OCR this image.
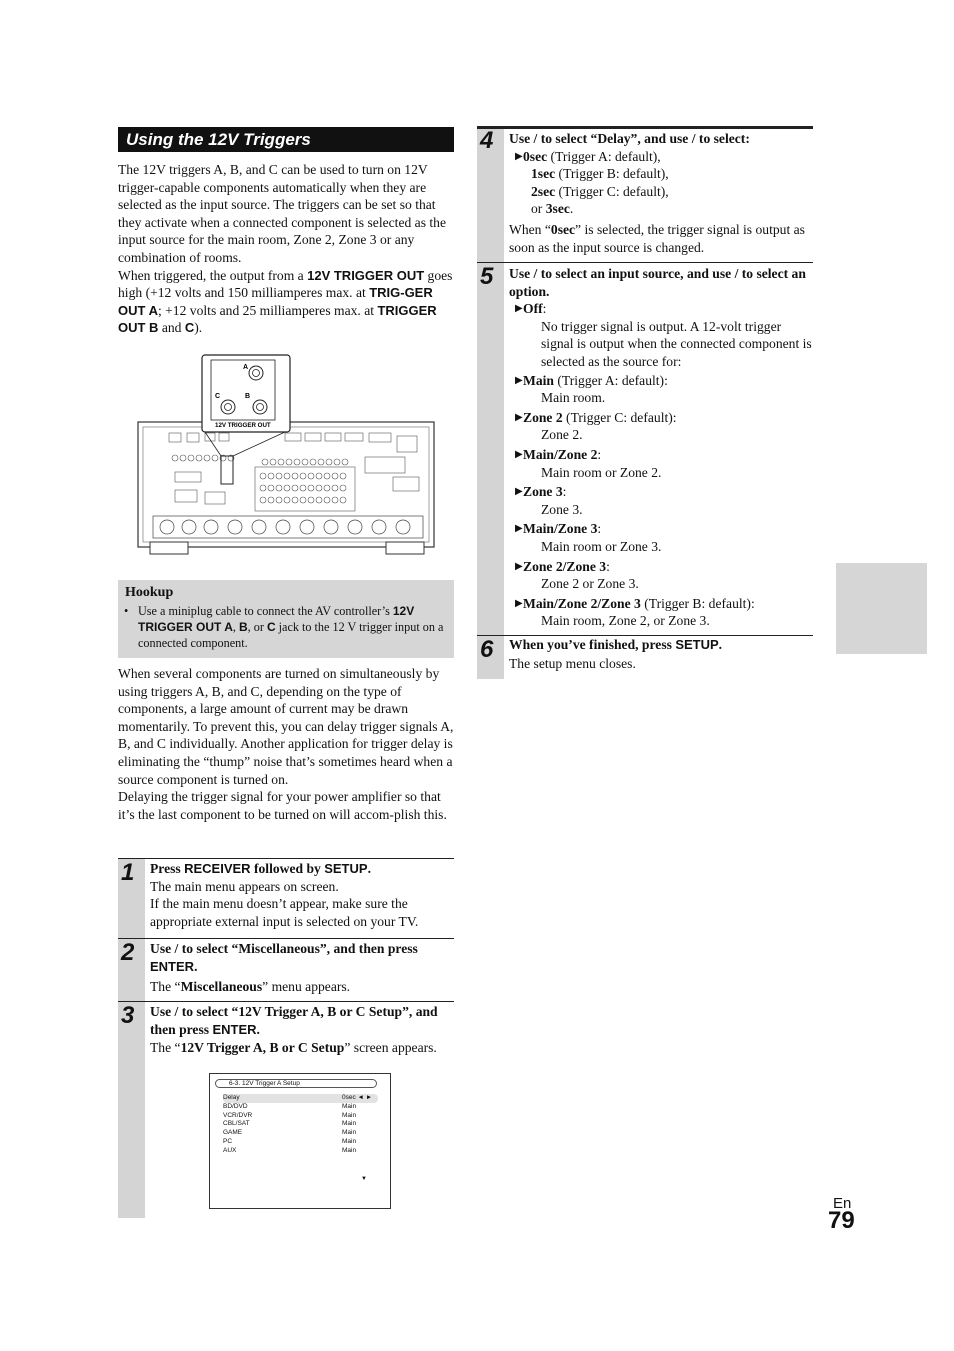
Using the 12V Triggers

The 12V triggers A, B, and C can be used to turn on 12V trigger-capable components automatically when they are selected as the input source. The triggers can be set so that they activate when a connected component is selected as the input source for the main room, Zone 2, Zone 3 or any combination of rooms.

When triggered, the output from a 12V TRIGGER OUT goes high (+12 volts and 150 milliamperes max. at TRIG-GER OUT A; +12 volts and 25 milliamperes max. at TRIGGER OUT B and C).

A
C	B
12V TRIGGER OUT
Hookup
• Use a miniplug cable to connect the AV controller’s 12V TRIGGER OUT A, B, or C jack to the 12 V trigger input on a connected component.

When several components are turned on simultaneously by using triggers A, B, and C, depending on the type of components, a large amount of current may be drawn momentarily. To prevent this, you can delay trigger signals A, B, and C individually. Another application for trigger delay is eliminating the “thump” noise that’s sometimes heard when a source component is turned on.

Delaying the trigger signal for your power amplifier so that it’s the last component to be turned on will accom-plish this.

1 Press RECEIVER followed by SETUP.

The main menu appears on screen.

If the main menu doesn’t appear, make sure the appropriate external input is selected on your TV.

2 Use / to select “Miscellaneous”, and then press ENTER.

The “Miscellaneous” menu appears.

3 Use / to select “12V Trigger A, B or C Setup”, and then press ENTER.

The “12V Trigger A, B or C Setup” screen appears.

6-3. 12V Trigger A Setup
Delay	0sec ◄ ►
BD/DVD	Main
VCR/DVR	Main
CBL/SAT	Main
GAME	Main
PC	Main
AUX	Main
▼
4 Use / to select “Delay”, and use / to select:

▶ 0sec (Trigger A: default),
1sec (Trigger B: default),
2sec (Trigger C: default),
or 3sec.

When “0sec” is selected, the trigger signal is output as soon as the input source is changed.

5 Use / to select an input source, and use / to select an option.

▶ Off:
No trigger signal is output. A 12-volt trigger signal is output when the connected component is selected as the source for:
▶ Main (Trigger A: default):
Main room.
▶ Zone 2 (Trigger C: default):
Zone 2.
▶ Main/Zone 2:
Main room or Zone 2.
▶ Zone 3:
Zone 3.
▶ Main/Zone 3:
Main room or Zone 3.
▶ Zone 2/Zone 3:
Zone 2 or Zone 3.
▶ Main/Zone 2/Zone 3 (Trigger B: default):
Main room, Zone 2, or Zone 3.
6 When you’ve finished, press SETUP.

The setup menu closes.

En
79
